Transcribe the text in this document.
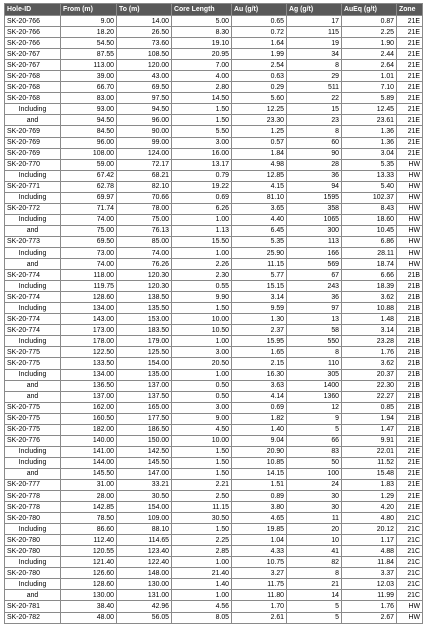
Hole-ID	From (m)	To (m)	Core Length	Au (g/t)	Ag (g/t)	AuEq (g/t)	Zone
SK-20-766	9.00	14.00	5.00	0.65	17	0.87	21E
SK-20-766	18.20	26.50	8.30	0.72	115	2.25	21E
SK-20-766	54.50	73.60	19.10	1.64	19	1.90	21E
SK-20-767	87.55	108.50	20.95	1.99	34	2.44	21E
SK-20-767	113.00	120.00	7.00	2.54	8	2.64	21E
SK-20-768	39.00	43.00	4.00	0.63	29	1.01	21E
SK-20-768	66.70	69.50	2.80	0.29	511	7.10	21E
SK-20-768	83.00	97.50	14.50	5.60	22	5.89	21E
Including	93.00	94.50	1.50	12.25	15	12.45	21E
and	94.50	96.00	1.50	23.30	23	23.61	21E
SK-20-769	84.50	90.00	5.50	1.25	8	1.36	21E
SK-20-769	96.00	99.00	3.00	0.57	60	1.36	21E
SK-20-769	108.00	124.00	16.00	1.84	90	3.04	21E
SK-20-770	59.00	72.17	13.17	4.98	28	5.35	HW
Including	67.42	68.21	0.79	12.85	36	13.33	HW
SK-20-771	62.78	82.10	19.22	4.15	94	5.40	HW
Including	69.97	70.66	0.69	81.10	1595	102.37	HW
SK-20-772	71.74	78.00	6.26	3.65	358	8.43	HW
Including	74.00	75.00	1.00	4.40	1065	18.60	HW
and	75.00	76.13	1.13	6.45	300	10.45	HW
SK-20-773	69.50	85.00	15.50	5.35	113	6.86	HW
Including	73.00	74.00	1.00	25.90	166	28.11	HW
and	74.00	76.26	2.26	11.15	569	18.74	HW
SK-20-774	118.00	120.30	2.30	5.77	67	6.66	21B
Including	119.75	120.30	0.55	15.15	243	18.39	21B
SK-20-774	128.60	138.50	9.90	3.14	36	3.62	21B
Including	134.00	135.50	1.50	9.59	97	10.88	21B
SK-20-774	143.00	153.00	10.00	1.30	13	1.48	21B
SK-20-774	173.00	183.50	10.50	2.37	58	3.14	21B
Including	178.00	179.00	1.00	15.95	550	23.28	21B
SK-20-775	122.50	125.50	3.00	1.65	8	1.76	21B
SK-20-775	133.50	154.00	20.50	2.15	110	3.62	21B
Including	134.00	135.00	1.00	16.30	305	20.37	21B
and	136.50	137.00	0.50	3.63	1400	22.30	21B
and	137.00	137.50	0.50	4.14	1360	22.27	21B
SK-20-775	162.00	165.00	3.00	0.69	12	0.85	21B
SK-20-775	160.50	177.50	9.00	1.82	9	1.94	21B
SK-20-775	182.00	186.50	4.50	1.40	5	1.47	21B
SK-20-776	140.00	150.00	10.00	9.04	66	9.91	21E
Including	141.00	142.50	1.50	20.90	83	22.01	21E
Including	144.00	145.50	1.50	10.85	50	11.52	21E
and	145.50	147.00	1.50	14.15	100	15.48	21E
SK-20-777	31.00	33.21	2.21	1.51	24	1.83	21E
SK-20-778	28.00	30.50	2.50	0.89	30	1.29	21E
SK-20-778	142.85	154.00	11.15	3.80	30	4.20	21E
SK-20-780	78.50	109.00	30.50	4.65	11	4.80	21C
Including	86.60	88.10	1.50	19.85	20	20.12	21C
SK-20-780	112.40	114.65	2.25	1.04	10	1.17	21C
SK-20-780	120.55	123.40	2.85	4.33	41	4.88	21C
Including	121.40	122.40	1.00	10.75	82	11.84	21C
SK-20-780	126.60	148.00	21.40	3.27	8	3.37	21C
Including	128.60	130.00	1.40	11.75	21	12.03	21C
and	130.00	131.00	1.00	11.80	14	11.99	21C
SK-20-781	38.40	42.96	4.56	1.70	5	1.76	HW
SK-20-782	48.00	56.05	8.05	2.61	5	2.67	HW
